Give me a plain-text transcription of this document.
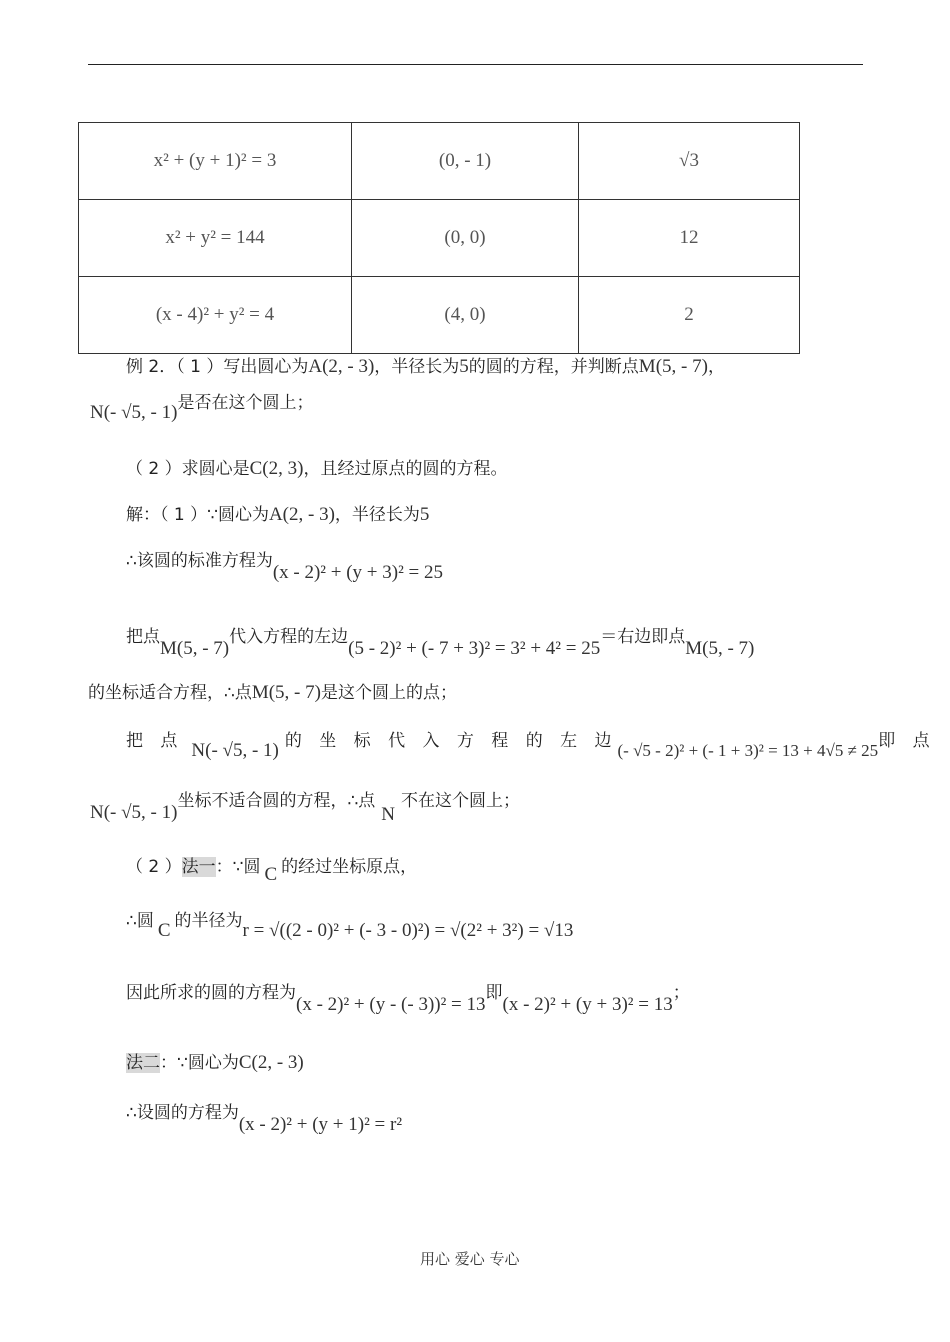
x² + (y + 1)² = 3	(0, - 1)	√3
x² + y² = 144	(0, 0)	12
(x - 4)² + y² = 4	(4, 0)	2
例 2．（ 1 ）写出圆心为A(2, - 3)，半径长为5的圆的方程，并判断点M(5, - 7)，
N(- √5, - 1)是否在这个圆上；
（ 2 ）求圆心是C(2, 3)，且经过原点的圆的方程。
解：（ 1 ）∵圆心为A(2, - 3)，半径长为5
∴该圆的标准方程为(x - 2)² + (y + 3)² = 25
把点M(5, - 7)代入方程的左边(5 - 2)² + (- 7 + 3)² = 3² + 4² = 25＝右边即点M(5, - 7)
的坐标适合方程，∴点M(5, - 7)是这个圆上的点；
把 点 N(- √5, - 1) 的 坐 标 代 入 方 程 的 左 边(- √5 - 2)² + (- 1 + 3)² = 13 + 4√5 ≠ 25即 点
N(- √5, - 1)坐标不适合圆的方程，∴点N不在这个圆上；
（ 2 ）法一：∵圆 C 的经过坐标原点，
∴圆 C 的半径为r = √((2 - 0)² + (- 3 - 0)²) = √(2² + 3²) = √13
因此所求的圆的方程为(x - 2)² + (y - (- 3))² = 13即(x - 2)² + (y + 3)² = 13；
法二：∵圆心为C(2, - 3)
∴设圆的方程为(x - 2)² + (y + 1)² = r²
用心 爱心 专心
